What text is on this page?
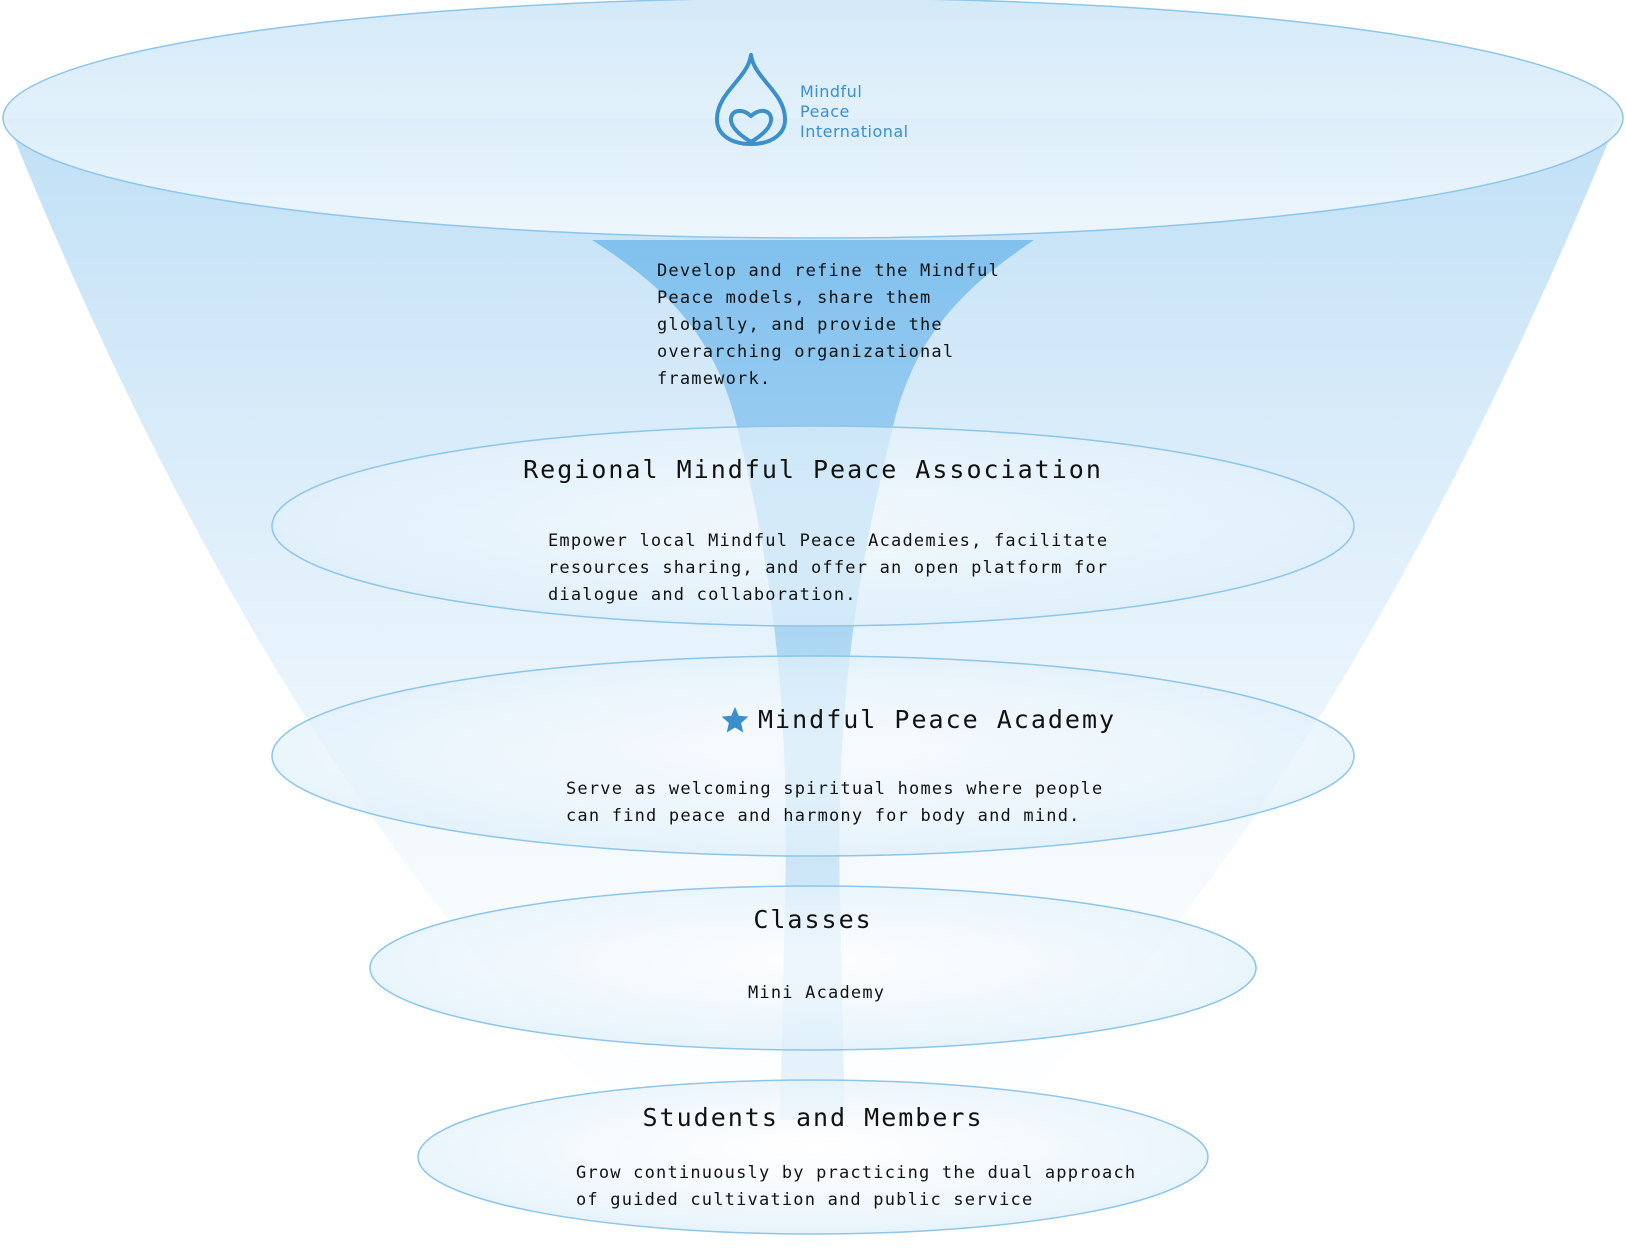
Mindful
Peace
International

Develop and refine the Mindful
Peace models, share them
globally, and provide the
overarching organizational
framework.

Regional Mindful Peace Association

Empower local Mindful Peace Academies, facilitate
resources sharing, and offer an open platform for
dialogue and collaboration.

Mindful Peace Academy

Serve as welcoming spiritual homes where people
can find peace and harmony for body and mind.

Classes

Mini Academy

Students and Members

Grow continuously by practicing the dual approach
of guided cultivation and public service
